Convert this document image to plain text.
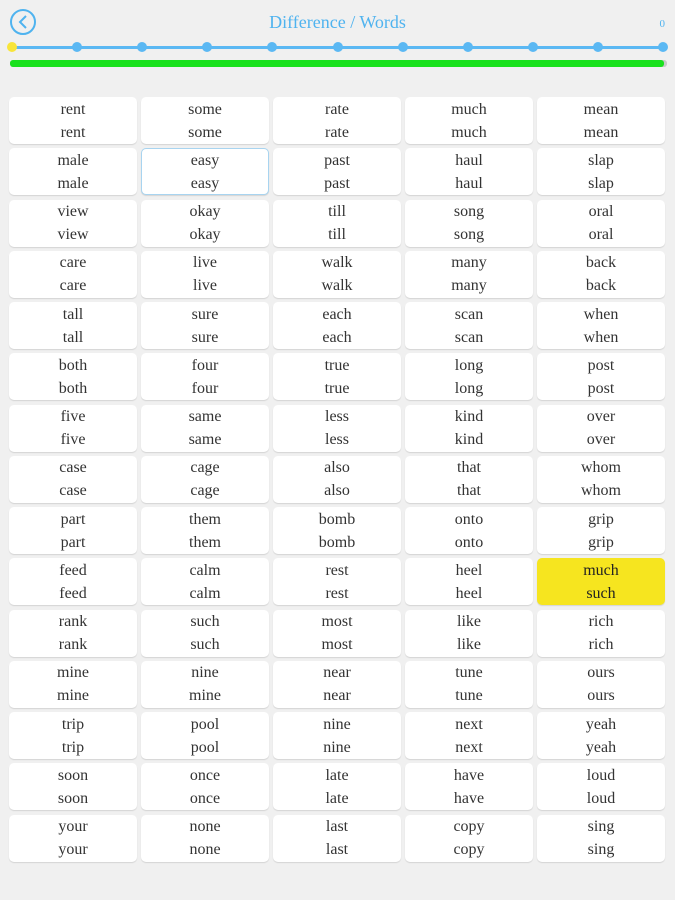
Difference / Words	0
rent
rent
some
some
rate
rate
much
much
mean
mean
male
male
easy
easy
past
past
haul
haul
slap
slap
view
view
okay
okay
till
till
song
song
oral
oral
care
care
live
live
walk
walk
many
many
back
back
tall
tall
sure
sure
each
each
scan
scan
when
when
both
both
four
four
true
true
long
long
post
post
five
five
same
same
less
less
kind
kind
over
over
case
case
cage
cage
also
also
that
that
whom
whom
part
part
them
them
bomb
bomb
onto
onto
grip
grip
feed
feed
calm
calm
rest
rest
heel
heel
much
such
rank
rank
such
such
most
most
like
like
rich
rich
mine
mine
nine
mine
near
near
tune
tune
ours
ours
trip
trip
pool
pool
nine
nine
next
next
yeah
yeah
soon
soon
once
once
late
late
have
have
loud
loud
your
your
none
none
last
last
copy
copy
sing
sing
